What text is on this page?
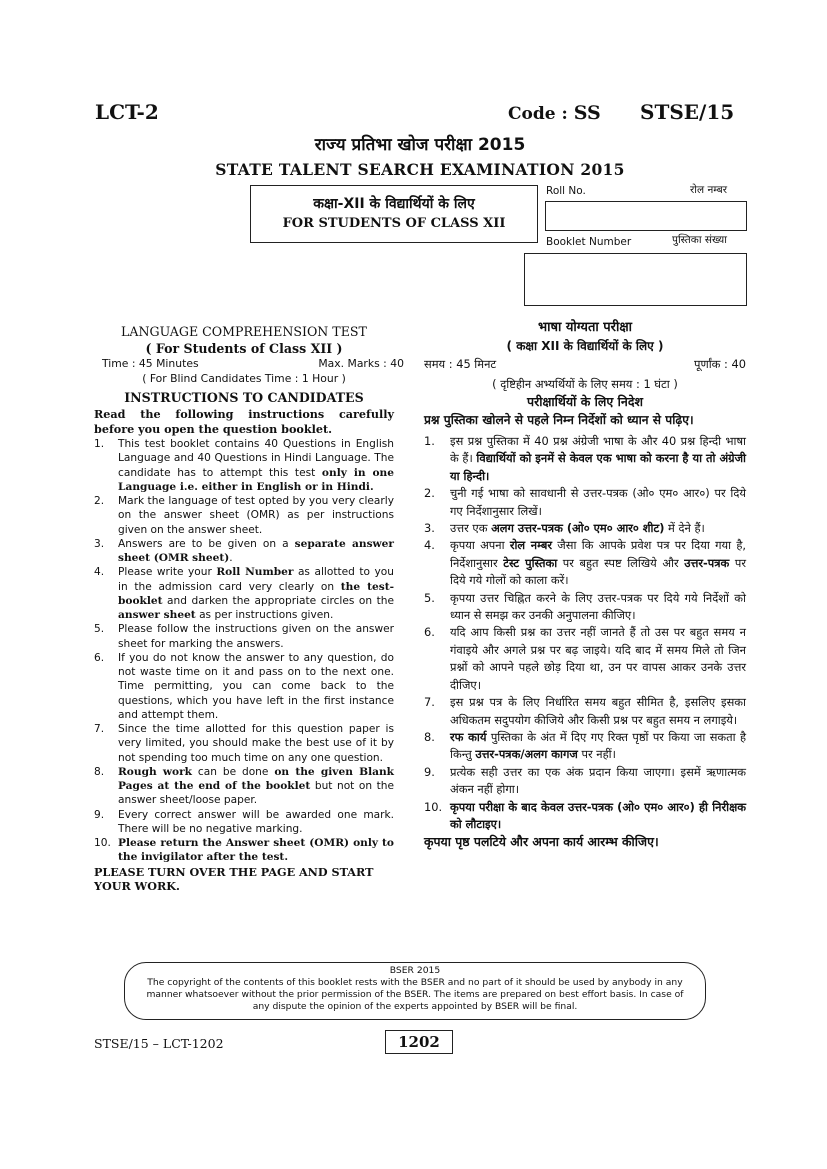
LCT-2	Code : SS STSE/15
राज्य प्रतिभा खोज परीक्षा 2015
STATE TALENT SEARCH EXAMINATION 2015
कक्षा-XII के विद्यार्थियों के लिए
FOR STUDENTS OF CLASS XII
Roll No.	रोल नम्बर
Booklet Number	पुस्तिका संख्या
LANGUAGE COMPREHENSION TEST
( For Students of Class XII )
Time : 45 Minutes	Max. Marks : 40
( For Blind Candidates Time : 1 Hour )
INSTRUCTIONS TO CANDIDATES

Read the following instructions carefully before you open the question booklet.

1. This test booklet contains 40 Questions in English Language and 40 Questions in Hindi Language. The candidate has to attempt this test only in one Language i.e. either in English or in Hindi.
2. Mark the language of test opted by you very clearly on the answer sheet (OMR) as per instructions given on the answer sheet.
3. Answers are to be given on a separate answer sheet (OMR sheet).
4. Please write your Roll Number as allotted to you in the admission card very clearly on the test-booklet and darken the appropriate circles on the answer sheet as per instructions given.
5. Please follow the instructions given on the answer sheet for marking the answers.
6. If you do not know the answer to any question, do not waste time on it and pass on to the next one. Time permitting, you can come back to the questions, which you have left in the first instance and attempt them.
7. Since the time allotted for this question paper is very limited, you should make the best use of it by not spending too much time on any one question.
8. Rough work can be done on the given Blank Pages at the end of the booklet but not on the answer sheet/loose paper.
9. Every correct answer will be awarded one mark. There will be no negative marking.
10. Please return the Answer sheet (OMR) only to the invigilator after the test.

PLEASE TURN OVER THE PAGE AND START YOUR WORK.

भाषा योग्यता परीक्षा
( कक्षा XII के विद्यार्थियों के लिए )
समय : 45 मिनट	पूर्णांक : 40
( दृष्टिहीन अभ्यर्थियों के लिए समय : 1 घंटा )
परीक्षार्थियों के लिए निदेश

प्रश्न पुस्तिका खोलने से पहले निम्न निर्देशों को ध्यान से पढ़िए।

1. इस प्रश्न पुस्तिका में 40 प्रश्न अंग्रेजी भाषा के और 40 प्रश्न हिन्दी भाषा के हैं। विद्यार्थियों को इनमें से केवल एक भाषा को करना है या तो अंग्रेजी या हिन्दी।
2. चुनी गई भाषा को सावधानी से उत्तर-पत्रक (ओ० एम० आर०) पर दिये गए निर्देशानुसार लिखें।
3. उत्तर एक अलग उत्तर-पत्रक (ओ० एम० आर० शीट) में देने हैं।
4. कृपया अपना रोल नम्बर जैसा कि आपके प्रवेश पत्र पर दिया गया है, निर्देशानुसार टेस्ट पुस्तिका पर बहुत स्पष्ट लिखिये और उत्तर-पत्रक पर दिये गये गोलों को काला करें।
5. कृपया उत्तर चिह्नित करने के लिए उत्तर-पत्रक पर दिये गये निर्देशों को ध्यान से समझ कर उनकी अनुपालना कीजिए।
6. यदि आप किसी प्रश्न का उत्तर नहीं जानते हैं तो उस पर बहुत समय न गंवाइये और अगले प्रश्न पर बढ़ जाइये। यदि बाद में समय मिले तो जिन प्रश्नों को आपने पहले छोड़ दिया था, उन पर वापस आकर उनके उत्तर दीजिए।
7. इस प्रश्न पत्र के लिए निर्धारित समय बहुत सीमित है, इसलिए इसका अधिकतम सदुपयोग कीजिये और किसी प्रश्न पर बहुत समय न लगाइये।
8. रफ कार्य पुस्तिका के अंत में दिए गए रिक्त पृष्ठों पर किया जा सकता है किन्तु उत्तर-पत्रक/अलग कागज पर नहीं।
9. प्रत्येक सही उत्तर का एक अंक प्रदान किया जाएगा। इसमें ऋणात्मक अंकन नहीं होगा।
10. कृपया परीक्षा के बाद केवल उत्तर-पत्रक (ओ० एम० आर०) ही निरीक्षक को लौटाइए।

कृपया पृष्ठ पलटिये और अपना कार्य आरम्भ कीजिए।

BSER 2015
The copyright of the contents of this booklet rests with the BSER and no part of it should be used by anybody in any manner whatsoever without the prior permission of the BSER. The items are prepared on best effort basis. In case of any dispute the opinion of the experts appointed by BSER will be final.
STSE/15 – LCT-1202	1202
